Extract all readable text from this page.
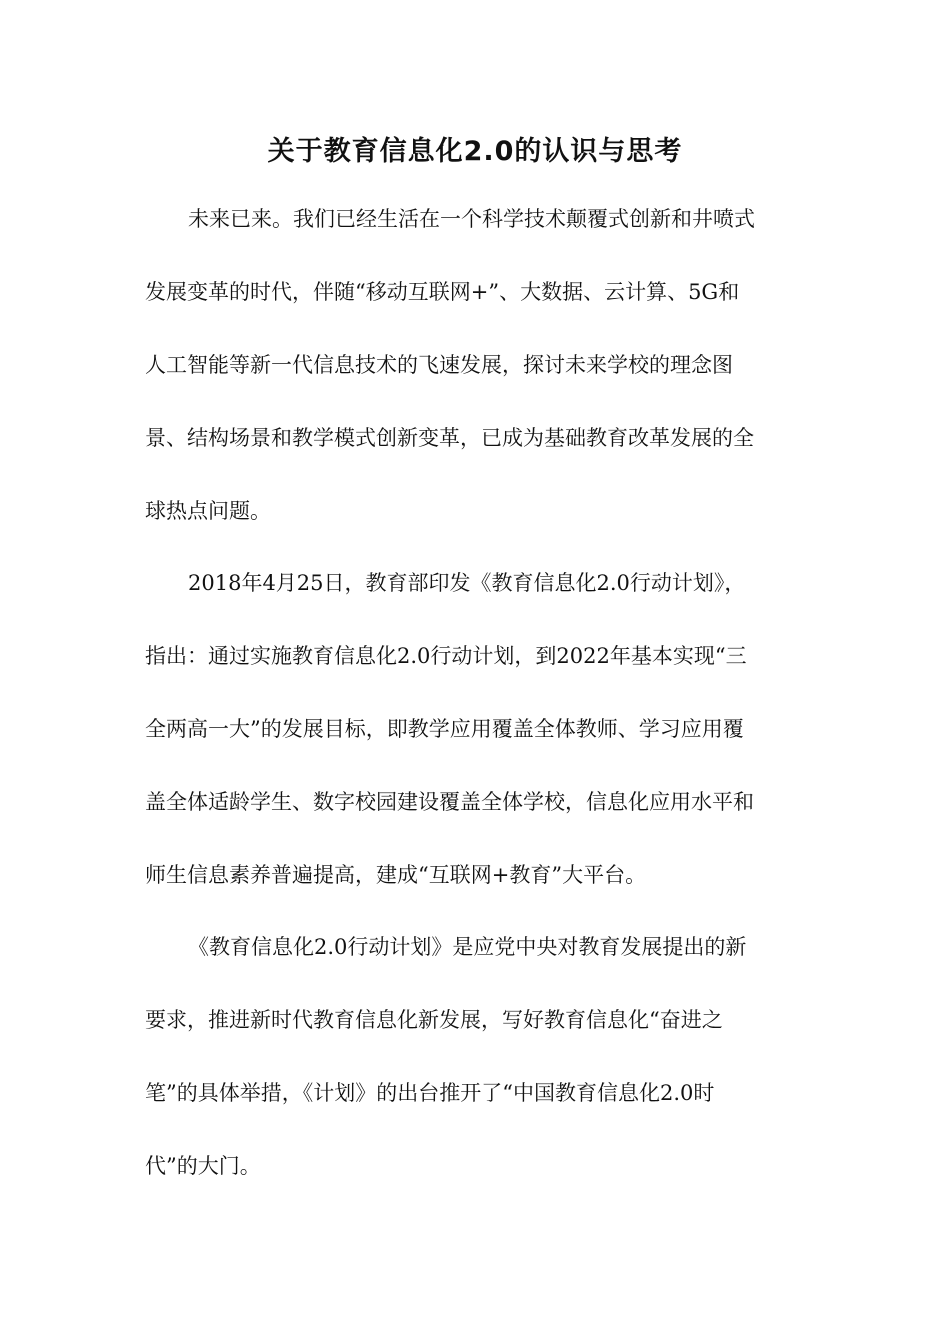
关于教育信息化2.0的认识与思考

未来已来。我们已经生活在一个科学技术颠覆式创新和井喷式

发展变革的时代，伴随“移动互联网+”、大数据、云计算、5G和

人工智能等新一代信息技术的飞速发展，探讨未来学校的理念图

景、结构场景和教学模式创新变革，已成为基础教育改革发展的全

球热点问题。

2018年4月25日，教育部印发《教育信息化2.0行动计划》，

指出：通过实施教育信息化2.0行动计划，到2022年基本实现“三

全两高一大”的发展目标，即教学应用覆盖全体教师、学习应用覆

盖全体适龄学生、数字校园建设覆盖全体学校，信息化应用水平和

师生信息素养普遍提高，建成“互联网+教育”大平台。

《教育信息化2.0行动计划》是应党中央对教育发展提出的新

要求，推进新时代教育信息化新发展，写好教育信息化“奋进之

笔”的具体举措，《计划》的出台推开了“中国教育信息化2.0时

代”的大门。
